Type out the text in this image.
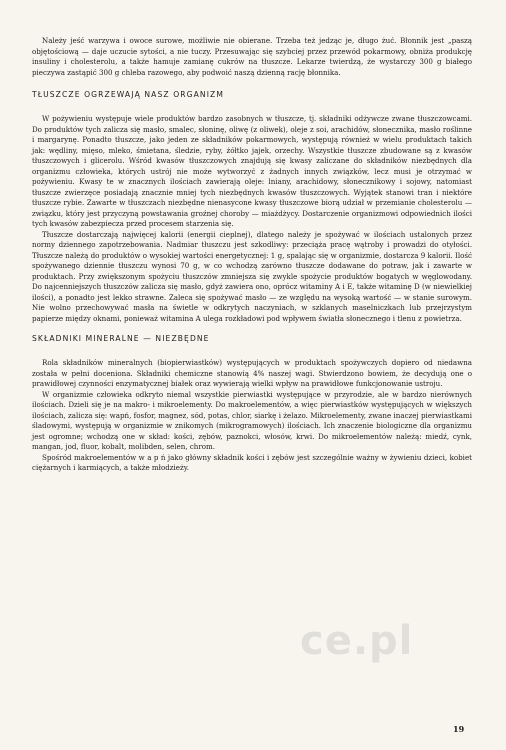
Należy jeść warzywa i owoce surowe, możliwie nie obierane. Trzeba też jedząc je, długo żuć. Błonnik jest „paszą objętościową — daje uczucie sytości, a nie tuczy. Przesuwając się szybciej przez przewód pokarmowy, obniża produkcję insuliny i cholesterolu, a także hamuje zamianę cukrów na tłuszcze. Lekarze twierdzą, że wystarczy 300 g białego pieczywa zastąpić 300 g chleba razowego, aby podwoić naszą dzienną rację błonnika.

TŁUSZCZE OGRZEWAJĄ NASZ ORGANIZM

W pożywieniu występuje wiele produktów bardzo zasobnych w tłuszcze, tj. składniki odżywcze zwane tłuszczowcami. Do produktów tych zalicza się masło, smalec, słoninę, oliwę (z oliwek), oleje z soi, arachidów, słonecznika, masło roślinne i margarynę. Ponadto tłuszcze, jako jeden ze składników pokarmowych, występują również w wielu produktach takich jak: wędliny, mięso, mleko, śmietana, śledzie, ryby, żółtko jajek, orzechy. Wszystkie tłuszcze zbudowane są z kwasów tłuszczowych i glicerolu. Wśród kwasów tłuszczowych znajdują się kwasy zaliczane do składników niezbędnych dla organizmu człowieka, których ustrój nie może wytworzyć z żadnych innych związków, lecz musi je otrzymać w pożywieniu. Kwasy te w znacznych ilościach zawierają oleje: lniany, arachidowy, słonecznikowy i sojowy, natomiast tłuszcze zwierzęce posiadają znacznie mniej tych niezbędnych kwasów tłuszczowych. Wyjątek stanowi tran i niektóre tłuszcze rybie. Zawarte w tłuszczach niezbędne nienasycone kwasy tłuszczowe biorą udział w przemianie cholesterolu — związku, który jest przyczyną powstawania groźnej choroby — miażdżycy. Dostarczenie organizmowi odpowiednich ilości tych kwasów zabezpiecza przed procesem starzenia się.

Tłuszcze dostarczają najwięcej kalorii (energii cieplnej), dlatego należy je spożywać w ilościach ustalonych przez normy dziennego zapotrzebowania. Nadmiar tłuszczu jest szkodliwy: przeciąża pracę wątroby i prowadzi do otyłości. Tłuszcze należą do produktów o wysokiej wartości energetycznej: 1 g, spalając się w organizmie, dostarcza 9 kalorii. Ilość spożywanego dziennie tłuszczu wynosi 70 g, w co wchodzą zarówno tłuszcze dodawane do potraw, jak i zawarte w produktach. Przy zwiększonym spożyciu tłuszczów zmniejsza się zwykle spożycie produktów bogatych w węglowodany. Do najcenniejszych tłuszczów zalicza się masło, gdyż zawiera ono, oprócz witaminy A i E, także witaminę D (w niewielkiej ilości), a ponadto jest lekko strawne. Zaleca się spożywać masło — ze względu na wysoką wartość — w stanie surowym. Nie wolno przechowywać masła na świetle w odkrytych naczyniach, w szklanych maselniczkach lub przejrzystym papierze między oknami, ponieważ witamina A ulega rozkładowi pod wpływem światła słonecznego i tlenu z powietrza.

SKŁADNIKI MINERALNE — NIEZBĘDNE

Rola składników mineralnych (biopierwiastków) występujących w produktach spożywczych dopiero od niedawna została w pełni doceniona. Składniki chemiczne stanowią 4% naszej wagi. Stwierdzono bowiem, że decydują one o prawidłowej czynności enzymatycznej białek oraz wywierają wielki wpływ na prawidłowe funkcjonowanie ustroju.

W organizmie człowieka odkryto niemal wszystkie pierwiastki występujące w przyrodzie, ale w bardzo nierównych ilościach. Dzieli się je na makro- i mikroelementy. Do makroelementów, a więc pierwiastków występujących w większych ilościach, zalicza się: wapń, fosfor, magnez, sód, potas, chlor, siarkę i żelazo. Mikroelementy, zwane inaczej pierwiastkami śladowymi, występują w organizmie w znikomych (mikrogramowych) ilościach. Ich znaczenie biologiczne dla organizmu jest ogromne; wchodzą one w skład: kości, zębów, paznokci, włosów, krwi. Do mikroelementów należą: miedź, cynk, mangan, jod, fluor, kobalt, molibden, selen, chrom.

Spośród makroelementów w a p ń jako główny składnik kości i zębów jest szczególnie ważny w żywieniu dzieci, kobiet ciężarnych i karmiących, a także młodzieży.

ce.pl
19
